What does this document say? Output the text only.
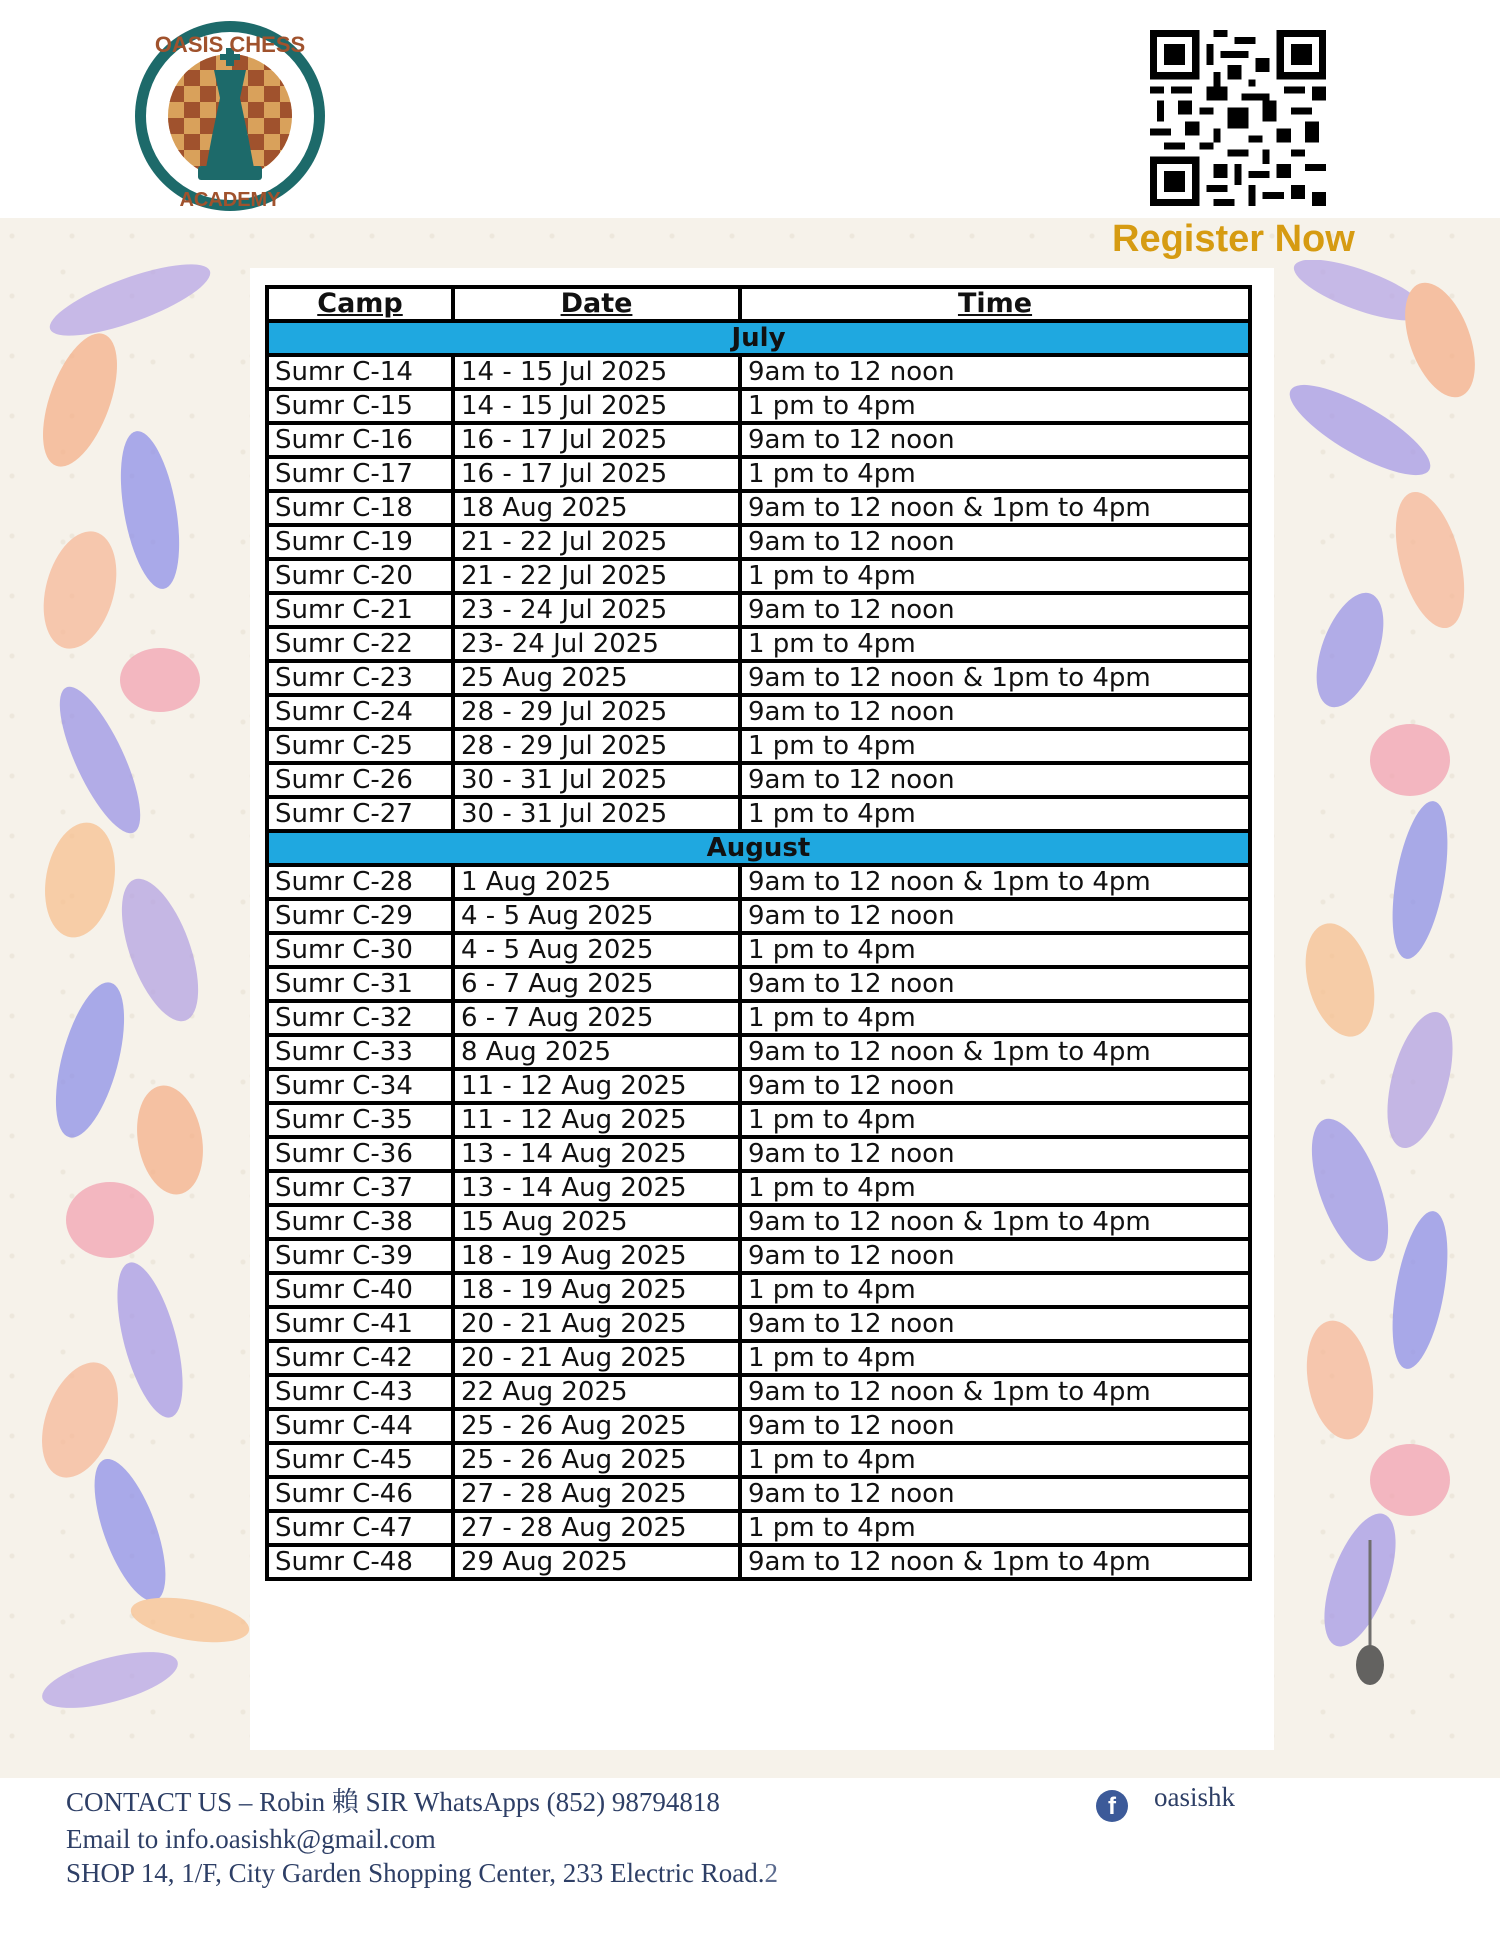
OASIS CHESS
ACADEMY
Register Now
Camp	Date	Time
July		
Sumr C-14	14 - 15 Jul 2025	9am to 12 noon
Sumr C-15	14 - 15 Jul 2025	1 pm to 4pm
Sumr C-16	16 - 17 Jul 2025	9am to 12 noon
Sumr C-17	16 - 17 Jul 2025	1 pm to 4pm
Sumr C-18	18 Aug 2025	9am to 12 noon & 1pm to 4pm
Sumr C-19	21 - 22 Jul 2025	9am to 12 noon
Sumr C-20	21 - 22 Jul 2025	1 pm to 4pm
Sumr C-21	23 - 24 Jul 2025	9am to 12 noon
Sumr C-22	23- 24 Jul 2025	1 pm to 4pm
Sumr C-23	25 Aug 2025	9am to 12 noon & 1pm to 4pm
Sumr C-24	28 - 29 Jul 2025	9am to 12 noon
Sumr C-25	28 - 29 Jul 2025	1 pm to 4pm
Sumr C-26	30 - 31 Jul 2025	9am to 12 noon
Sumr C-27	30 - 31 Jul 2025	1 pm to 4pm
August		
Sumr C-28	1 Aug 2025	9am to 12 noon & 1pm to 4pm
Sumr C-29	4 - 5 Aug 2025	9am to 12 noon
Sumr C-30	4 - 5 Aug 2025	1 pm to 4pm
Sumr C-31	6 - 7 Aug 2025	9am to 12 noon
Sumr C-32	6 - 7 Aug 2025	1 pm to 4pm
Sumr C-33	8 Aug 2025	9am to 12 noon & 1pm to 4pm
Sumr C-34	11 - 12 Aug 2025	9am to 12 noon
Sumr C-35	11 - 12 Aug 2025	1 pm to 4pm
Sumr C-36	13 - 14 Aug 2025	9am to 12 noon
Sumr C-37	13 - 14 Aug 2025	1 pm to 4pm
Sumr C-38	15 Aug 2025	9am to 12 noon & 1pm to 4pm
Sumr C-39	18 - 19 Aug 2025	9am to 12 noon
Sumr C-40	18 - 19 Aug 2025	1 pm to 4pm
Sumr C-41	20 - 21 Aug 2025	9am to 12 noon
Sumr C-42	20 - 21 Aug 2025	1 pm to 4pm
Sumr C-43	22 Aug 2025	9am to 12 noon & 1pm to 4pm
Sumr C-44	25 - 26 Aug 2025	9am to 12 noon
Sumr C-45	25 - 26 Aug 2025	1 pm to 4pm
Sumr C-46	27 - 28 Aug 2025	9am to 12 noon
Sumr C-47	27 - 28 Aug 2025	1 pm to 4pm
Sumr C-48	29 Aug 2025	9am to 12 noon & 1pm to 4pm
CONTACT US – Robin 賴 SIR WhatsApps (852) 98794818
Email to info.oasishk@gmail.com
SHOP 14, 1/F, City Garden Shopping Center, 233 Electric Road.2
f	oasishk
